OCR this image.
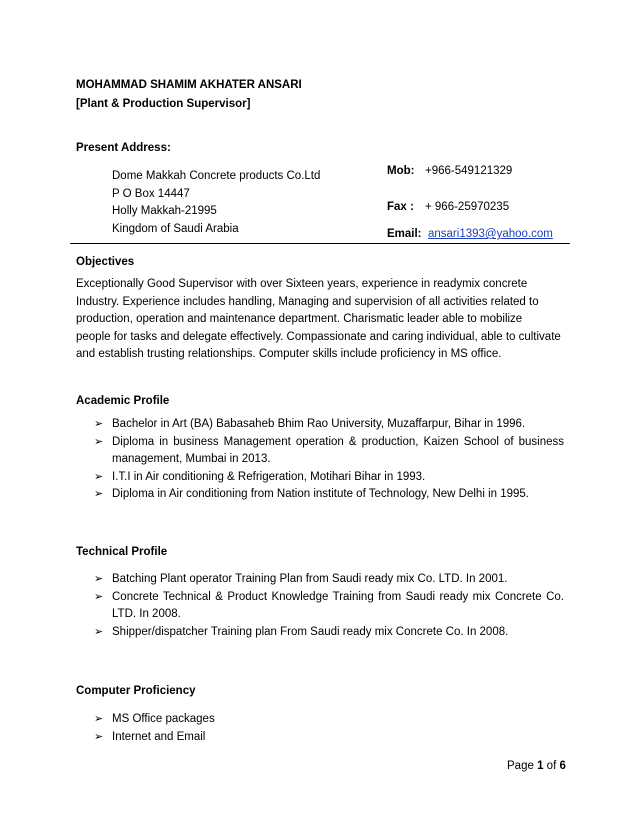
MOHAMMAD SHAMIM AKHATER ANSARI
[Plant & Production Supervisor]
Present Address:
Dome Makkah Concrete products Co.Ltd
P O Box 14447
Holly Makkah-21995
Kingdom of Saudi Arabia
Mob: +966-549121329
Fax : + 966-25970235
Email: ansari1393@yahoo.com
Objectives
Exceptionally Good Supervisor with over Sixteen years, experience in readymix concrete
Industry. Experience includes handling, Managing and supervision of all activities related to
production, operation and maintenance department. Charismatic leader able to mobilize
people for tasks and delegate effectively. Compassionate and caring individual, able to cultivate
and establish trusting relationships. Computer skills include proficiency in MS office.
Academic Profile
➢ Bachelor in Art (BA) Babasaheb Bhim Rao University, Muzaffarpur, Bihar in 1996.
➢ Diploma in business Management operation & production, Kaizen School of business management, Mumbai in 2013.
➢ I.T.I in Air conditioning & Refrigeration, Motihari Bihar in 1993.
➢ Diploma in Air conditioning from Nation institute of Technology, New Delhi in 1995.
Technical Profile
➢ Batching Plant operator Training Plan from Saudi ready mix Co. LTD. In 2001.
➢ Concrete Technical & Product Knowledge Training from Saudi ready mix Concrete Co. LTD. In 2008.
➢ Shipper/dispatcher Training plan From Saudi ready mix Concrete Co. In 2008.
Computer Proficiency
➢ MS Office packages
➢ Internet and Email
Page 1 of 6
